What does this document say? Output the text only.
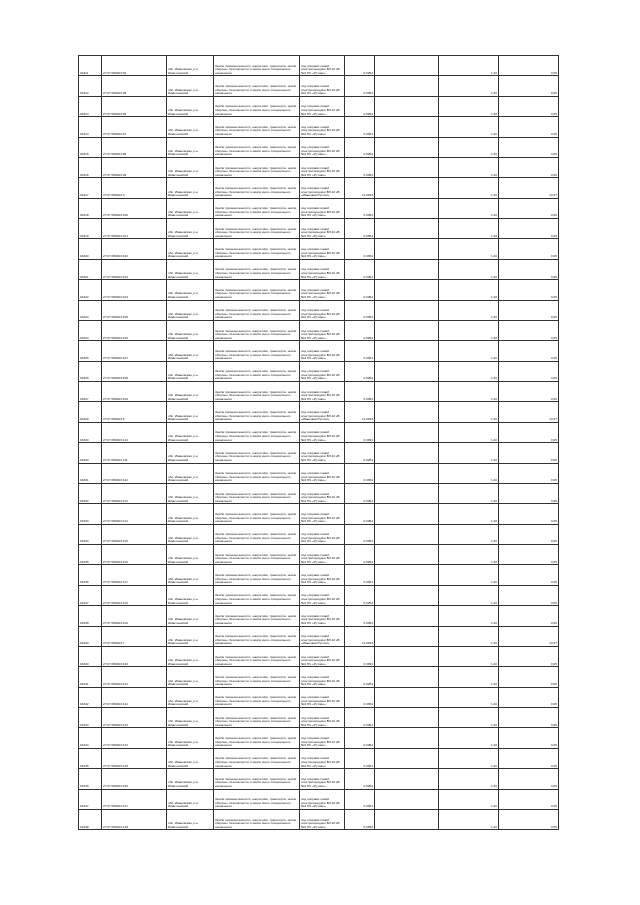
04311	27:07:050403:94	обл. Ивановская, р-н Ивантеевский	Земли промышленности, энергетики, транспорта, земли обороны, безопасности и земли иного специального назначения	под опорами линий электропередачи ВЛ-10 кВ №4 ПС «Рутово»	0,0054		1,20	0,05
04312	27:07:050403:95	обл. Ивановская, р-н Ивантеевский	Земли промышленности, энергетики, транспорта, земли обороны, безопасности и земли иного специального назначения	под опорами линий электропередачи ВЛ-10 кВ №4 ПС «Рутово»	0,0054		1,20	0,05
04313	27:07:050403:96	обл. Ивановская, р-н Ивантеевский	Земли промышленности, энергетики, транспорта, земли обороны, безопасности и земли иного специального назначения	под опорами линий электропередачи ВЛ-10 кВ №4 ПС «Рутово»	0,0054		1,20	0,05
04314	27:07:050403:97	обл. Ивановская, р-н Ивантеевский	Земли промышленности, энергетики, транспорта, земли обороны, безопасности и земли иного специального назначения	под опорами линий электропередачи ВЛ-10 кВ №4 ПС «Рутово»	0,0054		1,20	0,05
04315	27:07:050403:98	обл. Ивановская, р-н Ивантеевский	Земли промышленности, энергетики, транспорта, земли обороны, безопасности и земли иного специального назначения	под опорами линий электропередачи ВЛ-10 кВ №4 ПС «Рутово»	0,0054		1,20	0,05
04316	27:07:050403:99	обл. Ивановская, р-н Ивантеевский	Земли промышленности, энергетики, транспорта, земли обороны, безопасности и земли иного специального назначения	под опорами линий электропередачи ВЛ-10 кВ №4 ПС «Рутово»	0,0054		1,20	0,05
04317	27:07:050403:3	обл. Ивановская, р-н Ивантеевский	Земли промышленности, энергетики, транспорта, земли обороны, безопасности и земли иного специального назначения	под опорами линий электропередачи ВЛ-10 кВ «Ивановка-Рутово»	11,0024		1,20	13,27
04318	27:07:050403:100	обл. Ивановская, р-н Ивантеевский	Земли промышленности, энергетики, транспорта, земли обороны, безопасности и земли иного специального назначения	под опорами линий электропередачи ВЛ-10 кВ №4 ПС «Рутово»	0,0054		1,20	0,05
04319	27:07:050403:101	обл. Ивановская, р-н Ивантеевский	Земли промышленности, энергетики, транспорта, земли обороны, безопасности и земли иного специального назначения	под опорами линий электропередачи ВЛ-10 кВ №4 ПС «Рутово»	0,0054		1,20	0,05
04320	27:07:050403:102	обл. Ивановская, р-н Ивантеевский	Земли промышленности, энергетики, транспорта, земли обороны, безопасности и земли иного специального назначения	под опорами линий электропередачи ВЛ-10 кВ №4 ПС «Рутово»	0,0054		1,20	0,05
04321	27:07:050403:103	обл. Ивановская, р-н Ивантеевский	Земли промышленности, энергетики, транспорта, земли обороны, безопасности и земли иного специального назначения	под опорами линий электропередачи ВЛ-10 кВ №4 ПС «Рутово»	0,0054		1,20	0,05
04322	27:07:050403:104	обл. Ивановская, р-н Ивантеевский	Земли промышленности, энергетики, транспорта, земли обороны, безопасности и земли иного специального назначения	под опорами линий электропередачи ВЛ-10 кВ №4 ПС «Рутово»	0,0054		1,20	0,05
04323	27:07:050403:105	обл. Ивановская, р-н Ивантеевский	Земли промышленности, энергетики, транспорта, земли обороны, безопасности и земли иного специального назначения	под опорами линий электропередачи ВЛ-10 кВ №4 ПС «Рутово»	0,0054		1,20	0,05
04324	27:07:050403:106	обл. Ивановская, р-н Ивантеевский	Земли промышленности, энергетики, транспорта, земли обороны, безопасности и земли иного специального назначения	под опорами линий электропередачи ВЛ-10 кВ №4 ПС «Рутово»	0,0054		1,20	0,05
04325	27:07:050403:107	обл. Ивановская, р-н Ивантеевский	Земли промышленности, энергетики, транспорта, земли обороны, безопасности и земли иного специального назначения	под опорами линий электропередачи ВЛ-10 кВ №4 ПС «Рутово»	0,0054		1,20	0,05
04326	27:07:050403:108	обл. Ивановская, р-н Ивантеевский	Земли промышленности, энергетики, транспорта, земли обороны, безопасности и земли иного специального назначения	под опорами линий электропередачи ВЛ-10 кВ №4 ПС «Рутово»	0,0054		1,20	0,05
04327	27:07:050403:109	обл. Ивановская, р-н Ивантеевский	Земли промышленности, энергетики, транспорта, земли обороны, безопасности и земли иного специального назначения	под опорами линий электропередачи ВЛ-10 кВ №4 ПС «Рутово»	0,0054		1,20	0,05
04328	27:07:050403:5	обл. Ивановская, р-н Ивантеевский	Земли промышленности, энергетики, транспорта, земли обороны, безопасности и земли иного специального назначения	под опорами линий электропередачи ВЛ-10 кВ «Ивановка-Рутово»	11,0024		1,20	13,27
04329	27:07:050403:110	обл. Ивановская, р-н Ивантеевский	Земли промышленности, энергетики, транспорта, земли обороны, безопасности и земли иного специального назначения	под опорами линий электропередачи ВЛ-10 кВ №4 ПС «Рутово»	0,0054		1,20	0,05
04330	27:07:050403:111	обл. Ивановская, р-н Ивантеевский	Земли промышленности, энергетики, транспорта, земли обороны, безопасности и земли иного специального назначения	под опорами линий электропередачи ВЛ-10 кВ №4 ПС «Рутово»	0,0054		1,20	0,05
04331	27:07:050403:112	обл. Ивановская, р-н Ивантеевский	Земли промышленности, энергетики, транспорта, земли обороны, безопасности и земли иного специального назначения	под опорами линий электропередачи ВЛ-10 кВ №4 ПС «Рутово»	0,0054		1,20	0,05
04332	27:07:050403:113	обл. Ивановская, р-н Ивантеевский	Земли промышленности, энергетики, транспорта, земли обороны, безопасности и земли иного специального назначения	под опорами линий электропередачи ВЛ-10 кВ №4 ПС «Рутово»	0,0054		1,20	0,05
04333	27:07:050403:114	обл. Ивановская, р-н Ивантеевский	Земли промышленности, энергетики, транспорта, земли обороны, безопасности и земли иного специального назначения	под опорами линий электропередачи ВЛ-10 кВ №4 ПС «Рутово»	0,0054		1,20	0,05
04334	27:07:050403:115	обл. Ивановская, р-н Ивантеевский	Земли промышленности, энергетики, транспорта, земли обороны, безопасности и земли иного специального назначения	под опорами линий электропередачи ВЛ-10 кВ №4 ПС «Рутово»	0,0054		1,20	0,05
04335	27:07:050403:116	обл. Ивановская, р-н Ивантеевский	Земли промышленности, энергетики, транспорта, земли обороны, безопасности и земли иного специального назначения	под опорами линий электропередачи ВЛ-10 кВ №4 ПС «Рутово»	0,0054		1,20	0,05
04336	27:07:050403:117	обл. Ивановская, р-н Ивантеевский	Земли промышленности, энергетики, транспорта, земли обороны, безопасности и земли иного специального назначения	под опорами линий электропередачи ВЛ-10 кВ №4 ПС «Рутово»	0,0054		1,20	0,05
04337	27:07:050403:118	обл. Ивановская, р-н Ивантеевский	Земли промышленности, энергетики, транспорта, земли обороны, безопасности и земли иного специального назначения	под опорами линий электропередачи ВЛ-10 кВ №4 ПС «Рутово»	0,0054		1,20	0,05
04338	27:07:050403:119	обл. Ивановская, р-н Ивантеевский	Земли промышленности, энергетики, транспорта, земли обороны, безопасности и земли иного специального назначения	под опорами линий электропередачи ВЛ-10 кВ №4 ПС «Рутово»	0,0054		1,20	0,05
04339	27:07:050403:7	обл. Ивановская, р-н Ивантеевский	Земли промышленности, энергетики, транспорта, земли обороны, безопасности и земли иного специального назначения	под опорами линий электропередачи ВЛ-10 кВ «Ивановка-Рутово»	11,0024		1,20	13,27
04340	27:07:050403:120	обл. Ивановская, р-н Ивантеевский	Земли промышленности, энергетики, транспорта, земли обороны, безопасности и земли иного специального назначения	под опорами линий электропередачи ВЛ-10 кВ №4 ПС «Рутово»	0,0054		1,20	0,05
04341	27:07:050403:121	обл. Ивановская, р-н Ивантеевский	Земли промышленности, энергетики, транспорта, земли обороны, безопасности и земли иного специального назначения	под опорами линий электропередачи ВЛ-10 кВ №4 ПС «Рутово»	0,0054		1,20	0,05
04342	27:07:050403:122	обл. Ивановская, р-н Ивантеевский	Земли промышленности, энергетики, транспорта, земли обороны, безопасности и земли иного специального назначения	под опорами линий электропередачи ВЛ-10 кВ №4 ПС «Рутово»	0,0054		1,20	0,05
04343	27:07:050403:123	обл. Ивановская, р-н Ивантеевский	Земли промышленности, энергетики, транспорта, земли обороны, безопасности и земли иного специального назначения	под опорами линий электропередачи ВЛ-10 кВ №4 ПС «Рутово»	0,0054		1,20	0,05
04344	27:07:050403:124	обл. Ивановская, р-н Ивантеевский	Земли промышленности, энергетики, транспорта, земли обороны, безопасности и земли иного специального назначения	под опорами линий электропередачи ВЛ-10 кВ №4 ПС «Рутово»	0,0054		1,20	0,05
04345	27:07:050403:125	обл. Ивановская, р-н Ивантеевский	Земли промышленности, энергетики, транспорта, земли обороны, безопасности и земли иного специального назначения	под опорами линий электропередачи ВЛ-10 кВ №4 ПС «Рутово»	0,0054		1,20	0,05
04346	27:07:050403:126	обл. Ивановская, р-н Ивантеевский	Земли промышленности, энергетики, транспорта, земли обороны, безопасности и земли иного специального назначения	под опорами линий электропередачи ВЛ-10 кВ №4 ПС «Рутово»	0,0054		1,20	0,05
04347	27:07:050403:127	обл. Ивановская, р-н Ивантеевский	Земли промышленности, энергетики, транспорта, земли обороны, безопасности и земли иного специального назначения	под опорами линий электропередачи ВЛ-10 кВ №4 ПС «Рутово»	0,0054		1,20	0,05
04348	27:07:050403:128	обл. Ивановская, р-н Ивантеевский	Земли промышленности, энергетики, транспорта, земли обороны, безопасности и земли иного специального назначения	под опорами линий электропередачи ВЛ-10 кВ №4 ПС «Рутово»	0,0054		1,20	0,05
